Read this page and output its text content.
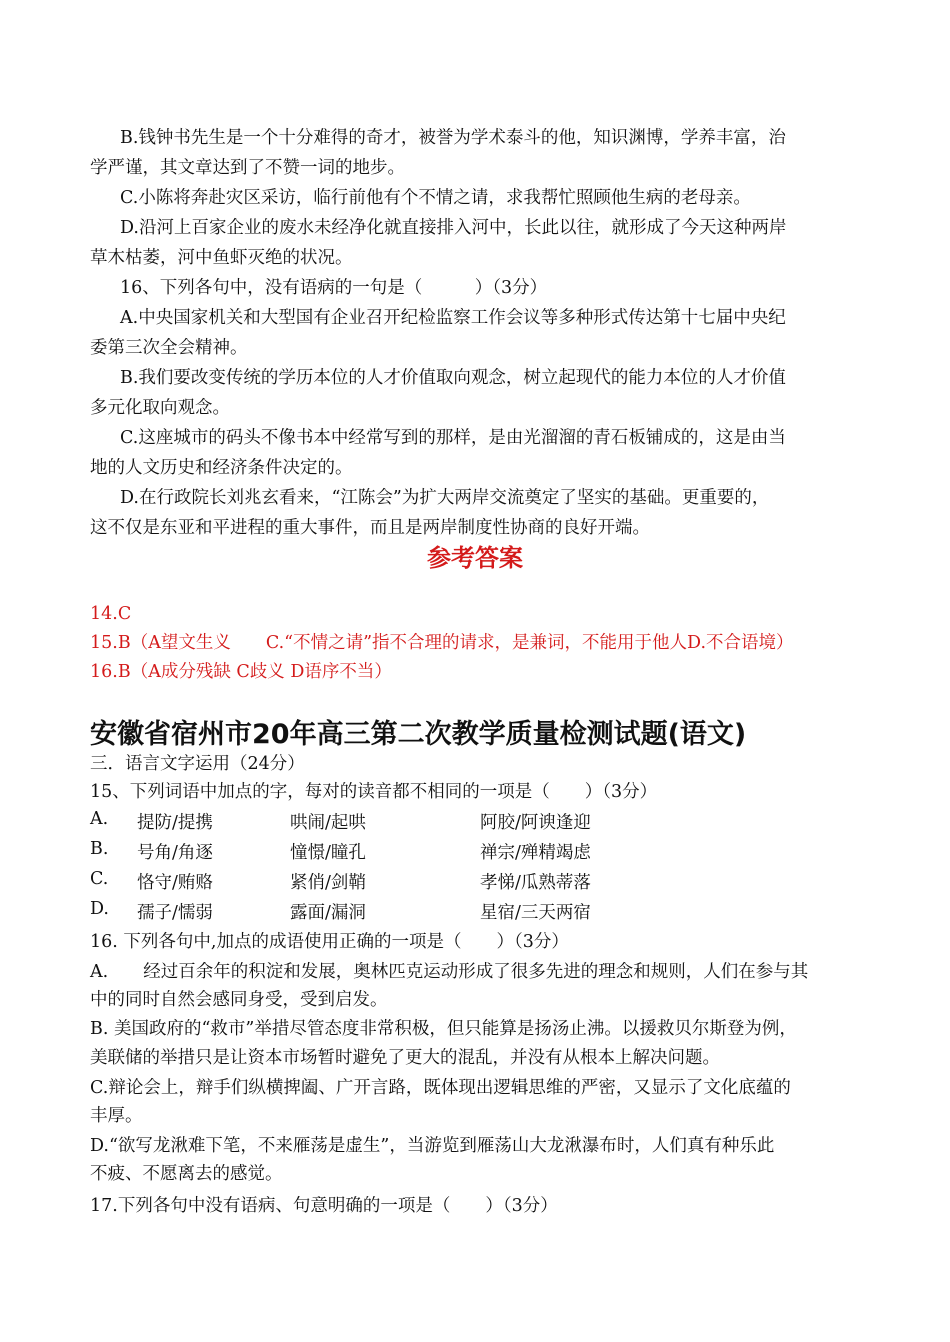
B.钱钟书先生是一个十分难得的奇才，被誉为学术泰斗的他，知识渊博，学养丰富，治
学严谨，其文章达到了不赞一词的地步。
C.小陈将奔赴灾区采访，临行前他有个不情之请，求我帮忙照顾他生病的老母亲。
D.沿河上百家企业的废水未经净化就直接排入河中，长此以往，就形成了今天这种两岸
草木枯萎，河中鱼虾灭绝的状况。
16、下列各句中，没有语病的一句是（　　　）（3分）
A.中央国家机关和大型国有企业召开纪检监察工作会议等多种形式传达第十七届中央纪
委第三次全会精神。
B.我们要改变传统的学历本位的人才价值取向观念，树立起现代的能力本位的人才价值
多元化取向观念。
C.这座城市的码头不像书本中经常写到的那样，是由光溜溜的青石板铺成的，这是由当
地的人文历史和经济条件决定的。
D.在行政院长刘兆玄看来，“江陈会”为扩大两岸交流奠定了坚实的基础。更重要的，
这不仅是东亚和平进程的重大事件，而且是两岸制度性协商的良好开端。
参考答案
14.C
15.B（A望文生义　　C.“不情之请”指不合理的请求，是兼词，不能用于他人D.不合语境）
16.B（A成分残缺 C歧义 D语序不当）
安徽省宿州市20年高三第二次教学质量检测试题(语文)
三．语言文字运用（24分）
15、下列词语中加点的字，每对的读音都不相同的一项是（　　）（3分）
A. 提防/提携	哄闹/起哄	阿胶/阿谀逢迎
B. 号角/角逐	憧憬/瞳孔	禅宗/殚精竭虑
C. 恪守/贿赂	紧俏/剑鞘	孝悌/瓜熟蒂落
D. 孺子/懦弱	露面/漏洞	星宿/三天两宿
16. 下列各句中,加点的成语使用正确的一项是（　　）（3分）
A.　　经过百余年的积淀和发展，奥林匹克运动形成了很多先进的理念和规则，人们在参与其
中的同时自然会感同身受，受到启发。
B. 美国政府的“救市”举措尽管态度非常积极，但只能算是扬汤止沸。以援救贝尔斯登为例，
美联储的举措只是让资本市场暂时避免了更大的混乱，并没有从根本上解决问题。
C.辩论会上，辩手们纵横捭阖、广开言路，既体现出逻辑思维的严密，又显示了文化底蕴的
丰厚。
D.“欲写龙湫难下笔，不来雁荡是虚生”，当游览到雁荡山大龙湫瀑布时，人们真有种乐此
不疲、不愿离去的感觉。
17.下列各句中没有语病、句意明确的一项是（　　）（3分）
